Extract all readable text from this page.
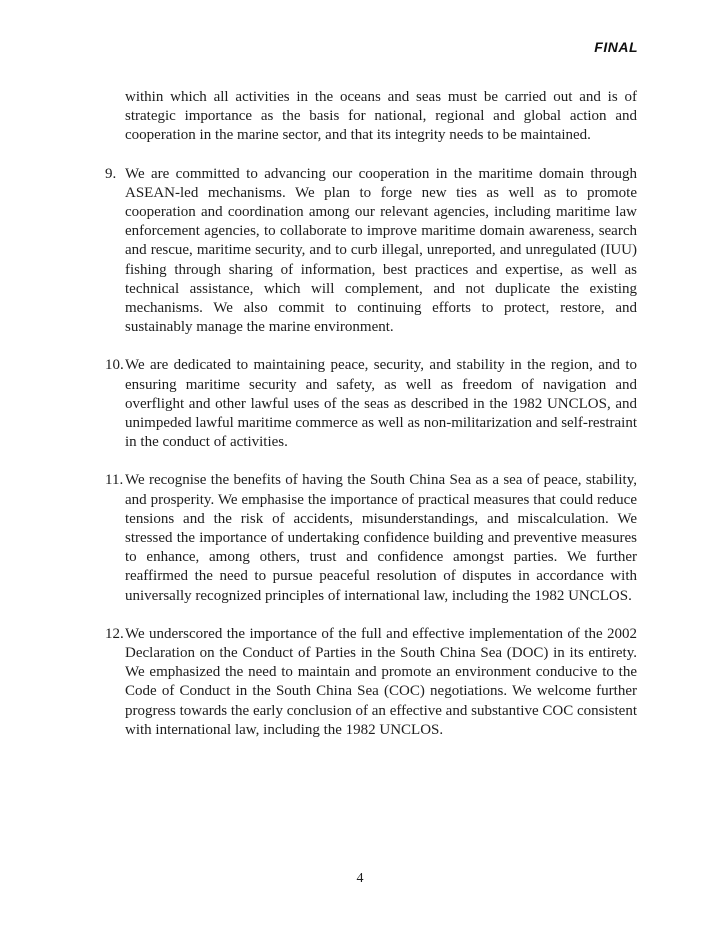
FINAL

within which all activities in the oceans and seas must be carried out and is of strategic importance as the basis for national, regional and global action and cooperation in the marine sector, and that its integrity needs to be maintained.

9. We are committed to advancing our cooperation in the maritime domain through ASEAN-led mechanisms. We plan to forge new ties as well as to promote cooperation and coordination among our relevant agencies, including maritime law enforcement agencies, to collaborate to improve maritime domain awareness, search and rescue, maritime security, and to curb illegal, unreported, and unregulated (IUU) fishing through sharing of information, best practices and expertise, as well as technical assistance, which will complement, and not duplicate the existing mechanisms. We also commit to continuing efforts to protect, restore, and sustainably manage the marine environment.
10.We are dedicated to maintaining peace, security, and stability in the region, and to ensuring maritime security and safety, as well as freedom of navigation and overflight and other lawful uses of the seas as described in the 1982 UNCLOS, and unimpeded lawful maritime commerce as well as non-militarization and self-restraint in the conduct of activities.
11. We recognise the benefits of having the South China Sea as a sea of peace, stability, and prosperity. We emphasise the importance of practical measures that could reduce tensions and the risk of accidents, misunderstandings, and miscalculation. We stressed the importance of undertaking confidence building and preventive measures to enhance, among others, trust and confidence amongst parties. We further reaffirmed the need to pursue peaceful resolution of disputes in accordance with universally recognized principles of international law, including the 1982 UNCLOS.
12.We underscored the importance of the full and effective implementation of the 2002 Declaration on the Conduct of Parties in the South China Sea (DOC) in its entirety. We emphasized the need to maintain and promote an environment conducive to the Code of Conduct in the South China Sea (COC) negotiations. We welcome further progress towards the early conclusion of an effective and substantive COC consistent with international law, including the 1982 UNCLOS.
4
